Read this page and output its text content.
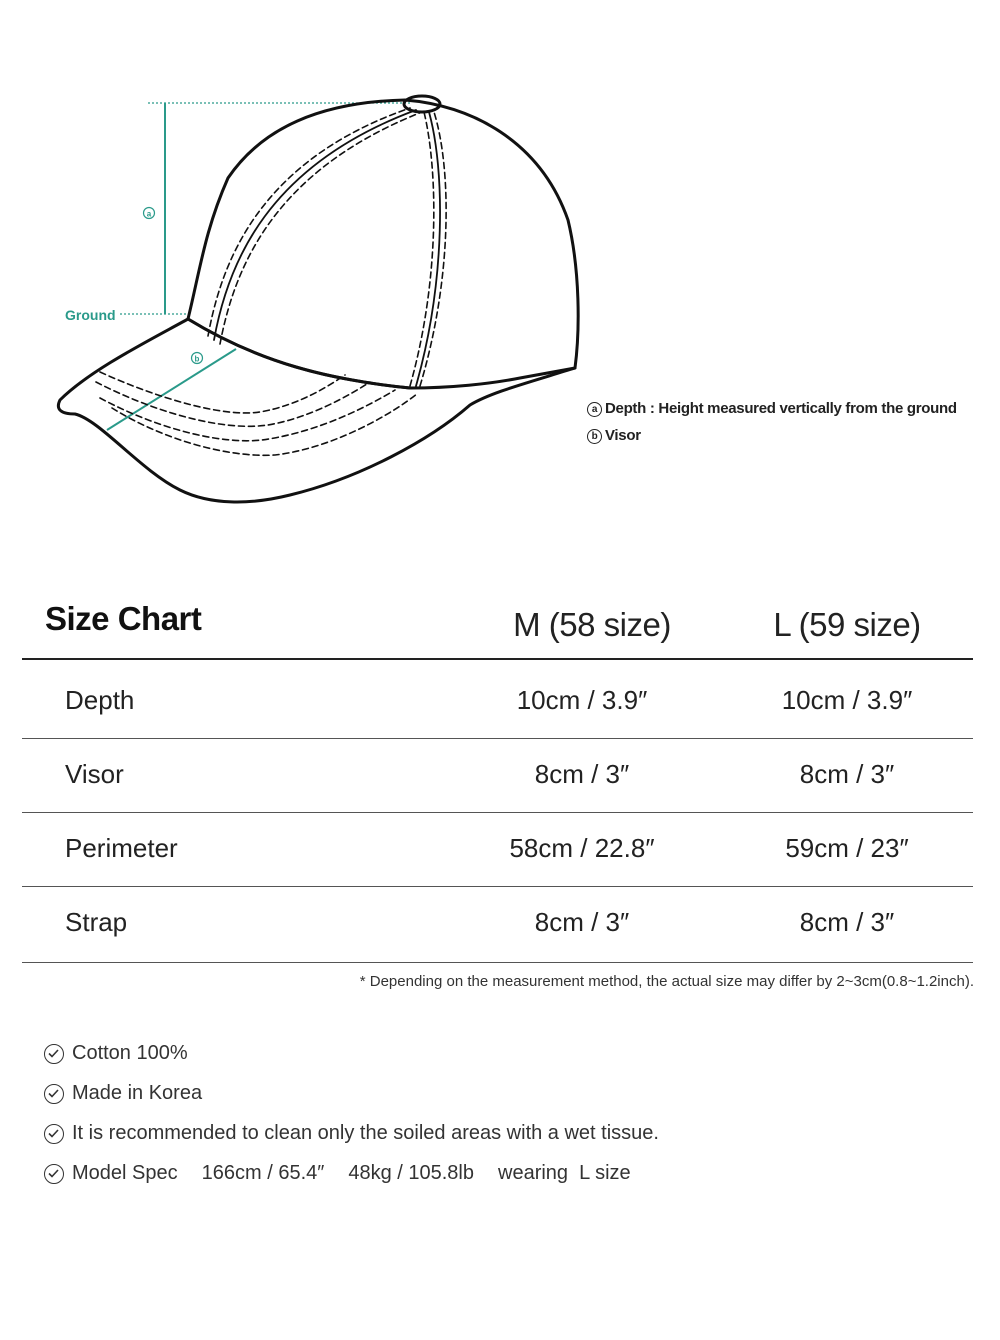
a
b
Ground
a Depth : Height measured vertically from the ground
b Visor
Size Chart	M (58 size)	L (59 size)
Depth	10cm / 3.9″	10cm / 3.9″
Visor	8cm / 3″	8cm / 3″
Perimeter	58cm / 22.8″	59cm / 23″
Strap	8cm / 3″	8cm / 3″
* Depending on the measurement method, the actual size may differ by 2~3cm(0.8~1.2inch).
Cotton 100%
Made in Korea
It is recommended to clean only the soiled areas with a wet tissue.
Model Spec 166cm / 65.4″ 48kg / 105.8lb wearing  L size
